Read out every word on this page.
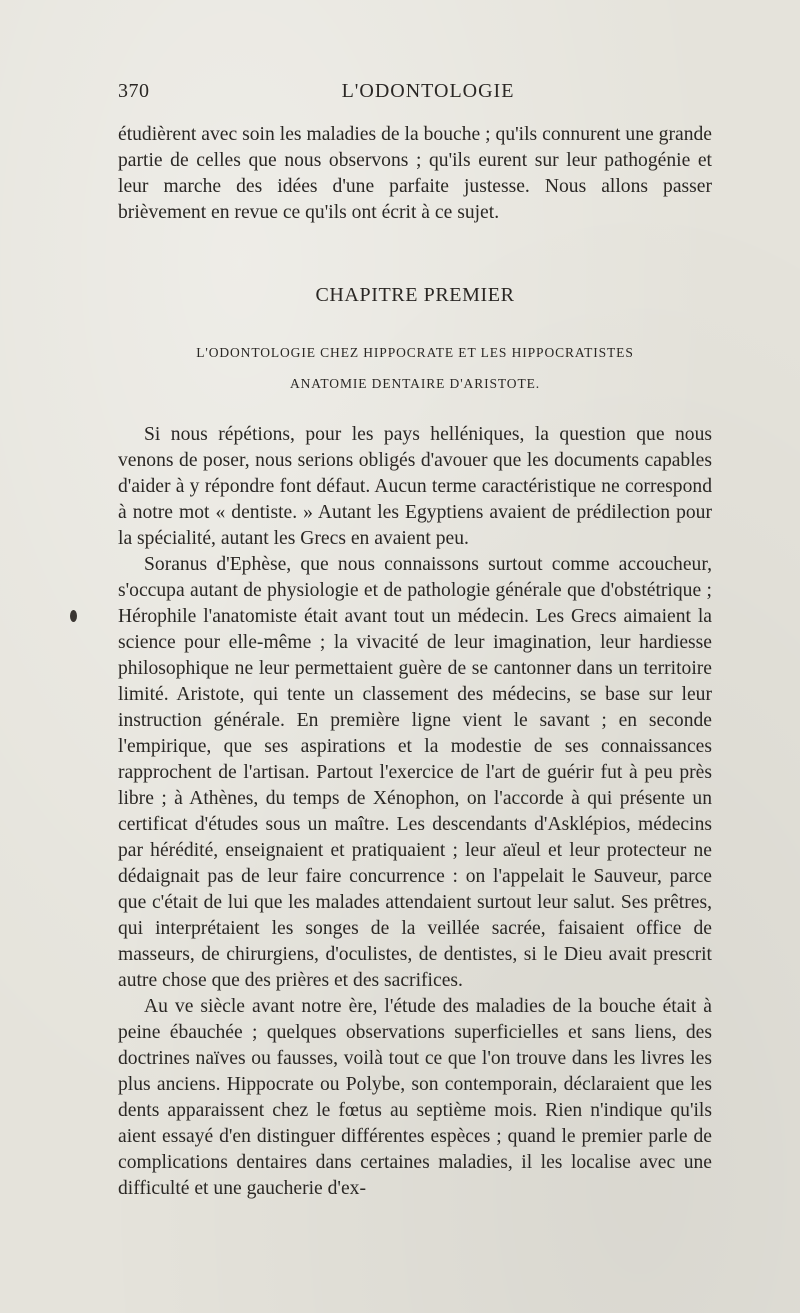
370	L'ODONTOLOGIE

étudièrent avec soin les maladies de la bouche ; qu'ils connurent une grande partie de celles que nous observons ; qu'ils eurent sur leur pathogénie et leur marche des idées d'une parfaite justesse. Nous allons passer brièvement en revue ce qu'ils ont écrit à ce sujet.

CHAPITRE PREMIER
L'ODONTOLOGIE CHEZ HIPPOCRATE ET LES HIPPOCRATISTES
ANATOMIE DENTAIRE D'ARISTOTE.

Si nous répétions, pour les pays helléniques, la question que nous venons de poser, nous serions obligés d'avouer que les documents capables d'aider à y répondre font défaut. Aucun terme caractéristique ne correspond à notre mot « dentiste. » Autant les Egyptiens avaient de prédilection pour la spécialité, autant les Grecs en avaient peu.

Soranus d'Ephèse, que nous connaissons surtout comme accoucheur, s'occupa autant de physiologie et de pathologie générale que d'obstétrique ; Hérophile l'anatomiste était avant tout un médecin. Les Grecs aimaient la science pour elle-même ; la vivacité de leur imagination, leur hardiesse philosophique ne leur permettaient guère de se cantonner dans un territoire limité. Aristote, qui tente un classement des médecins, se base sur leur instruction générale. En première ligne vient le savant ; en seconde l'empirique, que ses aspirations et la modestie de ses connaissances rapprochent de l'artisan. Partout l'exercice de l'art de guérir fut à peu près libre ; à Athènes, du temps de Xénophon, on l'accorde à qui présente un certificat d'études sous un maître. Les descendants d'Asklépios, médecins par hérédité, enseignaient et pratiquaient ; leur aïeul et leur protecteur ne dédaignait pas de leur faire concurrence : on l'appelait le Sauveur, parce que c'était de lui que les malades attendaient surtout leur salut. Ses prêtres, qui interprétaient les songes de la veillée sacrée, faisaient office de masseurs, de chirurgiens, d'oculistes, de dentistes, si le Dieu avait prescrit autre chose que des prières et des sacrifices.

Au ve siècle avant notre ère, l'étude des maladies de la bouche était à peine ébauchée ; quelques observations superficielles et sans liens, des doctrines naïves ou fausses, voilà tout ce que l'on trouve dans les livres les plus anciens. Hippocrate ou Polybe, son contemporain, déclaraient que les dents apparaissent chez le fœtus au septième mois. Rien n'indique qu'ils aient essayé d'en distinguer différentes espèces ; quand le premier parle de complications dentaires dans certaines maladies, il les localise avec une difficulté et une gaucherie d'ex-
